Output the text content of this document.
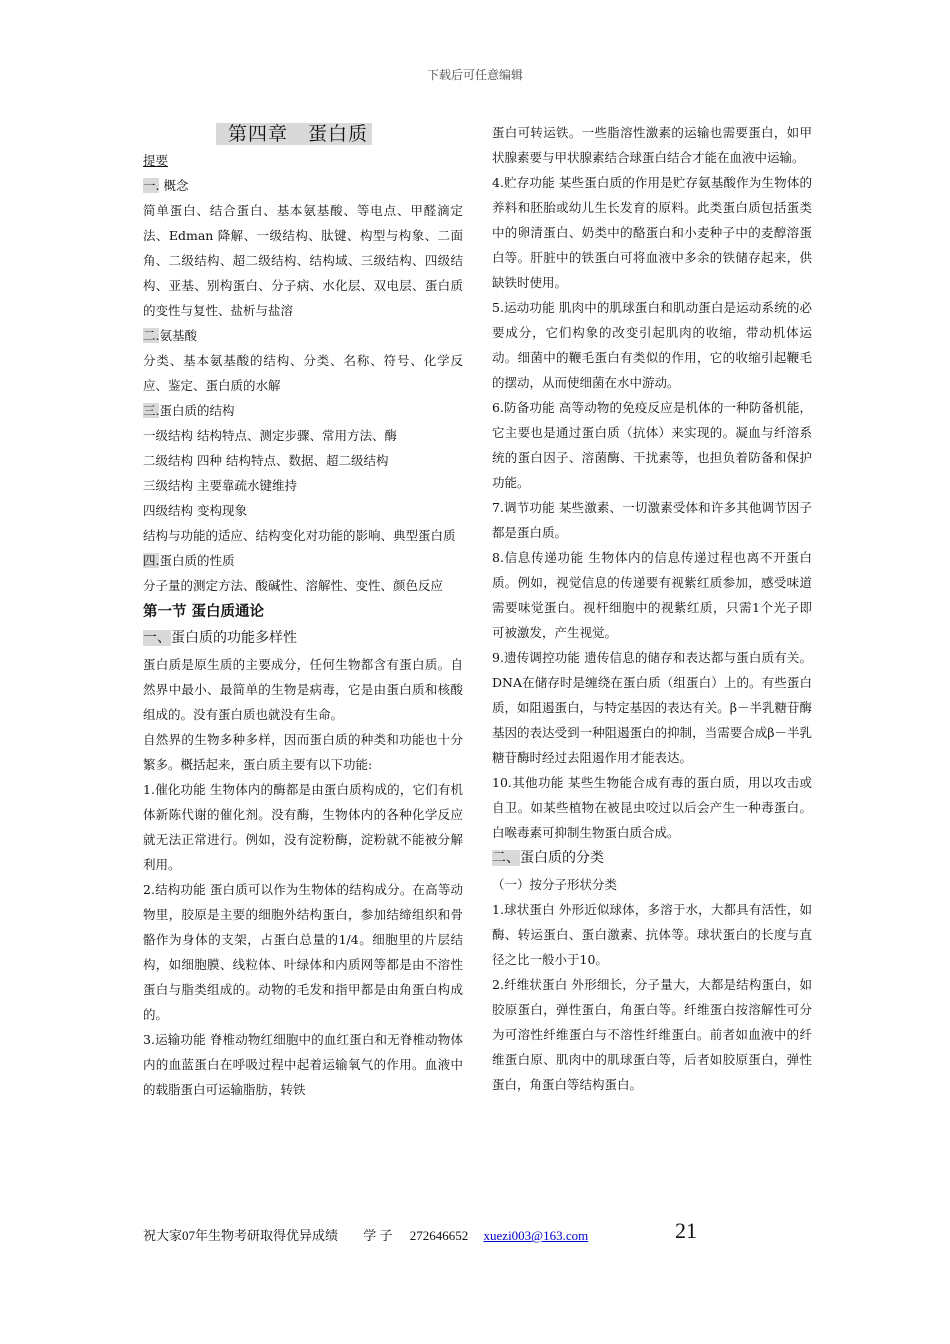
下载后可任意编辑

第四章　蛋白质

提要

一. 概念

简单蛋白、结合蛋白、基本氨基酸、等电点、甲醛滴定法、Edman 降解、一级结构、肽键、构型与构象、二面角、二级结构、超二级结构、结构域、三级结构、四级结构、亚基、别构蛋白、分子病、水化层、双电层、蛋白质的变性与复性、盐析与盐溶

二.氨基酸

分类、基本氨基酸的结构、分类、名称、符号、化学反应、鉴定、蛋白质的水解

三.蛋白质的结构

一级结构 结构特点、测定步骤、常用方法、酶

二级结构 四种 结构特点、数据、超二级结构

三级结构 主要靠疏水键维持

四级结构 变构现象

结构与功能的适应、结构变化对功能的影响、典型蛋白质

四.蛋白质的性质

分子量的测定方法、酸碱性、溶解性、变性、颜色反应

第一节 蛋白质通论

一、蛋白质的功能多样性

蛋白质是原生质的主要成分，任何生物都含有蛋白质。自然界中最小、最简单的生物是病毒，它是由蛋白质和核酸组成的。没有蛋白质也就没有生命。

自然界的生物多种多样，因而蛋白质的种类和功能也十分繁多。概括起来，蛋白质主要有以下功能:

1.催化功能 生物体内的酶都是由蛋白质构成的，它们有机体新陈代谢的催化剂。没有酶，生物体内的各种化学反应就无法正常进行。例如，没有淀粉酶，淀粉就不能被分解利用。

2.结构功能 蛋白质可以作为生物体的结构成分。在高等动物里，胶原是主要的细胞外结构蛋白，参加结缔组织和骨骼作为身体的支架，占蛋白总量的1/4。细胞里的片层结构，如细胞膜、线粒体、叶绿体和内质网等都是由不溶性蛋白与脂类组成的。动物的毛发和指甲都是由角蛋白构成的。

3.运输功能 脊椎动物红细胞中的血红蛋白和无脊椎动物体内的血蓝蛋白在呼吸过程中起着运输氧气的作用。血液中的载脂蛋白可运输脂肪，转铁

蛋白可转运铁。一些脂溶性激素的运输也需要蛋白，如甲状腺素要与甲状腺素结合球蛋白结合才能在血液中运输。

4.贮存功能 某些蛋白质的作用是贮存氨基酸作为生物体的养料和胚胎或幼儿生长发育的原料。此类蛋白质包括蛋类中的卵清蛋白、奶类中的酪蛋白和小麦种子中的麦醇溶蛋白等。肝脏中的铁蛋白可将血液中多余的铁储存起来，供缺铁时使用。

5.运动功能 肌肉中的肌球蛋白和肌动蛋白是运动系统的必要成分，它们构象的改变引起肌肉的收缩，带动机体运动。细菌中的鞭毛蛋白有类似的作用，它的收缩引起鞭毛的摆动，从而使细菌在水中游动。

6.防备功能 高等动物的免疫反应是机体的一种防备机能，它主要也是通过蛋白质（抗体）来实现的。凝血与纤溶系统的蛋白因子、溶菌酶、干扰素等，也担负着防备和保护功能。

7.调节功能 某些激素、一切激素受体和许多其他调节因子都是蛋白质。

8.信息传递功能 生物体内的信息传递过程也离不开蛋白质。例如，视觉信息的传递要有视紫红质参加，感受味道需要味觉蛋白。视杆细胞中的视紫红质，只需1个光子即可被激发，产生视觉。

9.遗传调控功能 遗传信息的储存和表达都与蛋白质有关。DNA在储存时是缠绕在蛋白质（组蛋白）上的。有些蛋白质，如阻遏蛋白，与特定基因的表达有关。β－半乳糖苷酶基因的表达受到一种阻遏蛋白的抑制，当需要合成β－半乳糖苷酶时经过去阻遏作用才能表达。

10.其他功能 某些生物能合成有毒的蛋白质，用以攻击或自卫。如某些植物在被昆虫咬过以后会产生一种毒蛋白。白喉毒素可抑制生物蛋白质合成。

二、蛋白质的分类

（一）按分子形状分类

1.球状蛋白 外形近似球体，多溶于水，大都具有活性，如酶、转运蛋白、蛋白激素、抗体等。球状蛋白的长度与直径之比一般小于10。

2.纤维状蛋白 外形细长，分子量大，大都是结构蛋白，如胶原蛋白，弹性蛋白，角蛋白等。纤维蛋白按溶解性可分为可溶性纤维蛋白与不溶性纤维蛋白。前者如血液中的纤维蛋白原、肌肉中的肌球蛋白等，后者如胶原蛋白，弹性蛋白，角蛋白等结构蛋白。

祝大家07年生物考研取得优异成绩 学 子 272646652 xuezi003@163.com	21
